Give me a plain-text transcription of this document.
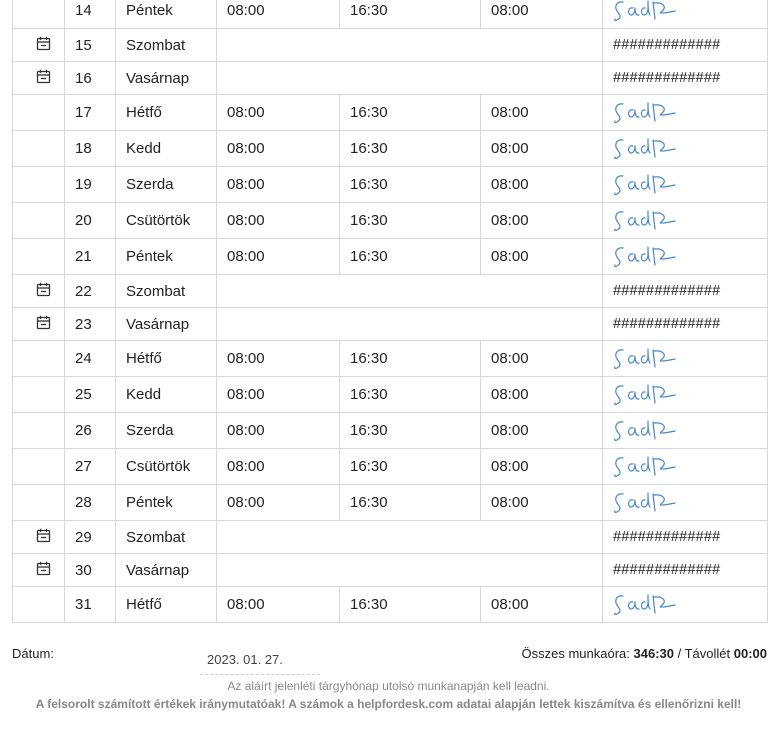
	14	Péntek	08:00	16:30	08:00	
	15	Szombat				#############
	16	Vasárnap				#############
	17	Hétfő	08:00	16:30	08:00	
	18	Kedd	08:00	16:30	08:00	
	19	Szerda	08:00	16:30	08:00	
	20	Csütörtök	08:00	16:30	08:00	
	21	Péntek	08:00	16:30	08:00	
	22	Szombat				#############
	23	Vasárnap				#############
	24	Hétfő	08:00	16:30	08:00	
	25	Kedd	08:00	16:30	08:00	
	26	Szerda	08:00	16:30	08:00	
	27	Csütörtök	08:00	16:30	08:00	
	28	Péntek	08:00	16:30	08:00	
	29	Szombat				#############
	30	Vasárnap				#############
	31	Hétfő	08:00	16:30	08:00	
Dátum:	2023. 01. 27.	Összes munkaóra: 346:30 / Távollét 00:00
Az aláírt jelenléti tárgyhónap utolsó munkanapján kell leadni.
A felsorolt számított értékek iránymutatóak! A számok a helpfordesk.com adatai alapján lettek kiszámítva és ellenőrizni kell!
